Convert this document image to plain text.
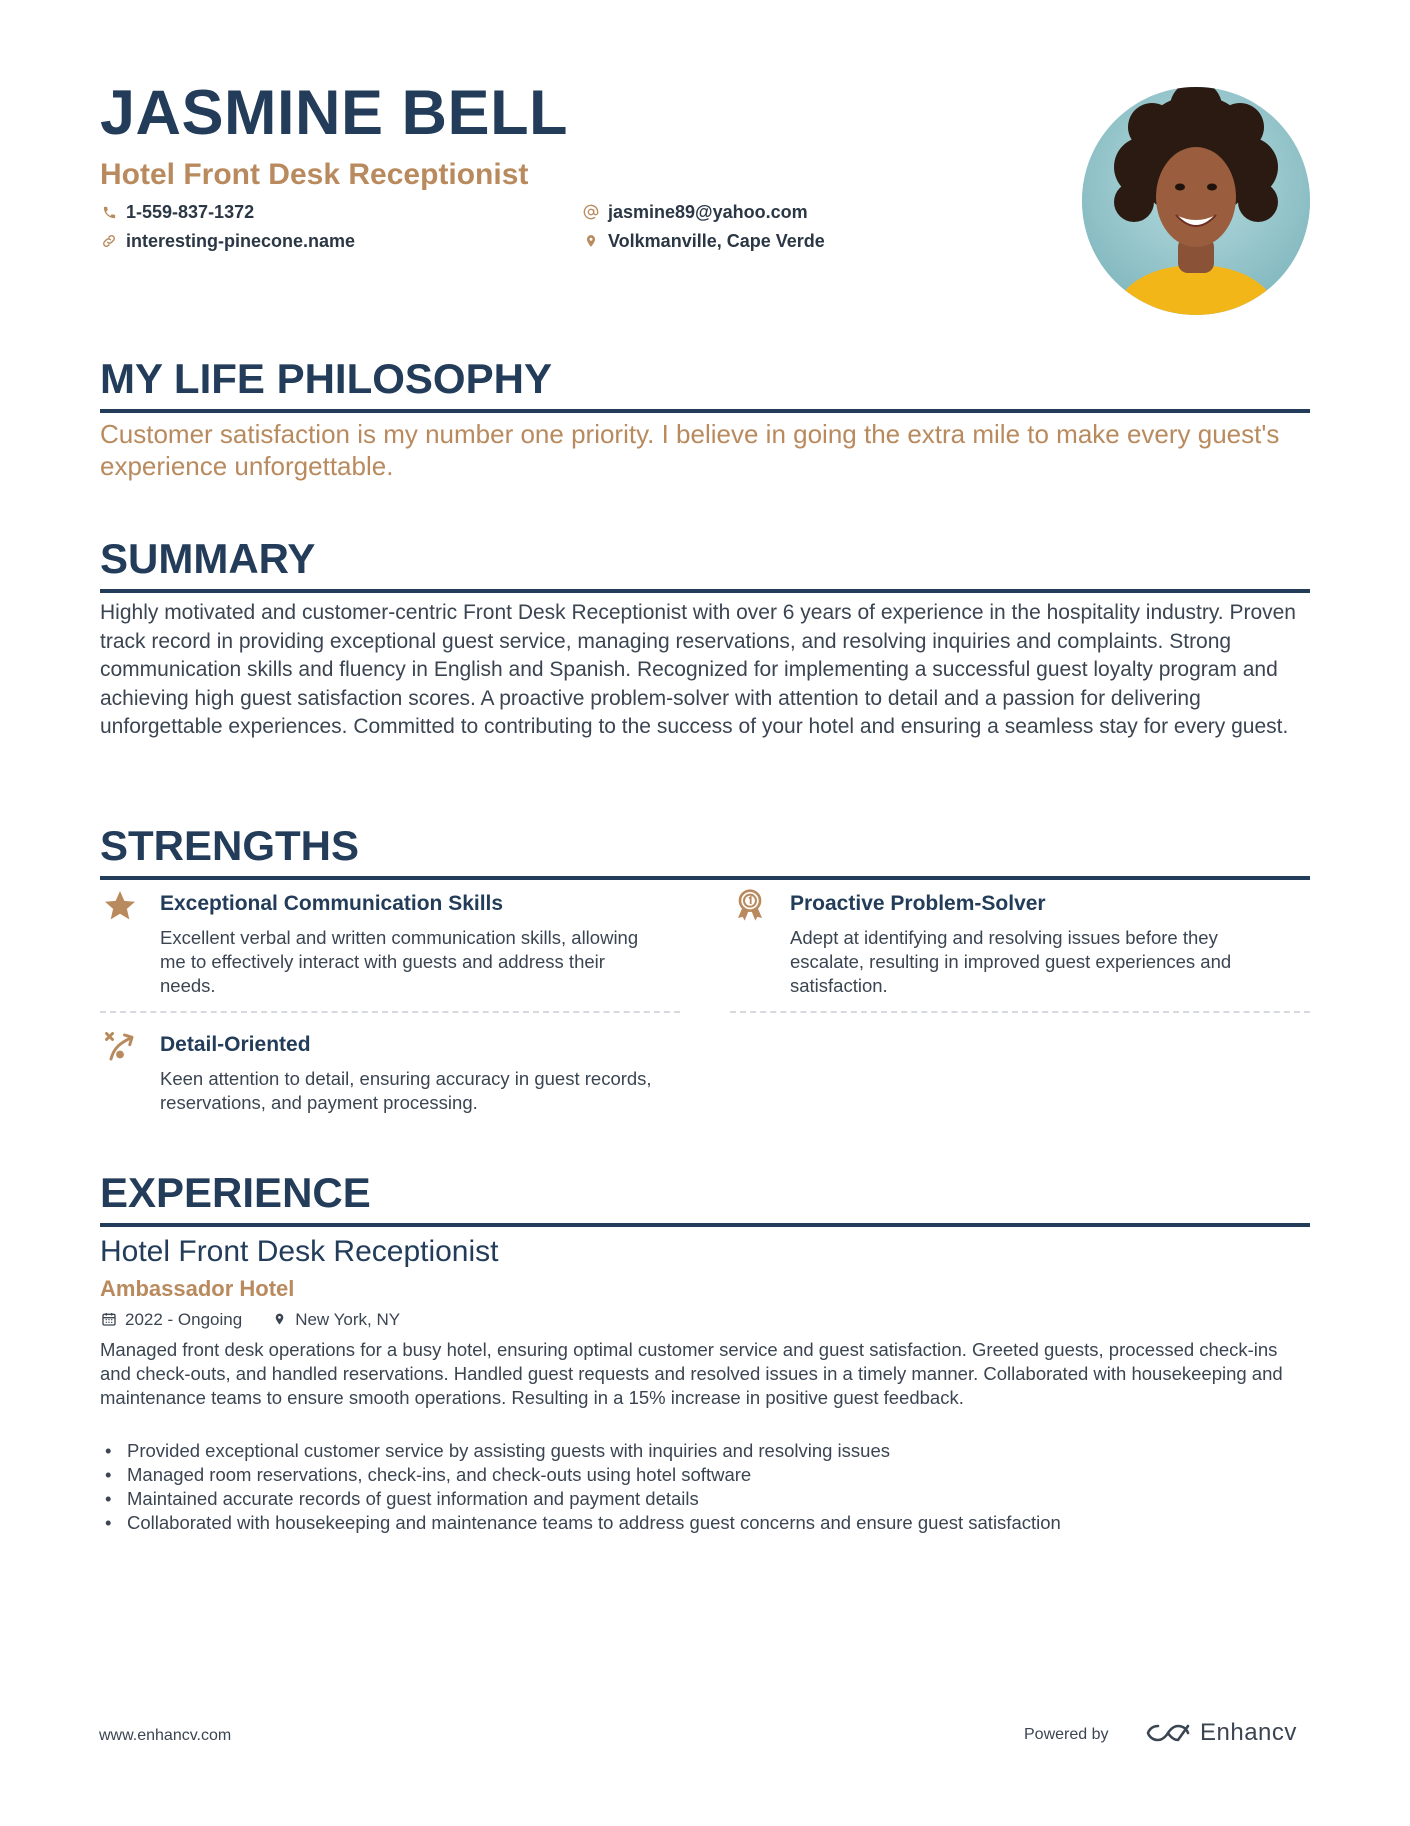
JASMINE BELL
Hotel Front Desk Receptionist
1-559-837-1372	jasmine89@yahoo.com
interesting-pinecone.name	Volkmanville, Cape Verde
MY LIFE PHILOSOPHY
Customer satisfaction is my number one priority. I believe in going the extra mile to make every guest's experience unforgettable.
SUMMARY
Highly motivated and customer-centric Front Desk Receptionist with over 6 years of experience in the hospitality industry. Proven track record in providing exceptional guest service, managing reservations, and resolving inquiries and complaints. Strong communication skills and fluency in English and Spanish. Recognized for implementing a successful guest loyalty program and achieving high guest satisfaction scores. A proactive problem-solver with attention to detail and a passion for delivering unforgettable experiences. Committed to contributing to the success of your hotel and ensuring a seamless stay for every guest.
STRENGTHS
Exceptional Communication Skills
Excellent verbal and written communication skills, allowing me to effectively interact with guests and address their needs.
Proactive Problem-Solver
Adept at identifying and resolving issues before they escalate, resulting in improved guest experiences and satisfaction.
Detail-Oriented
Keen attention to detail, ensuring accuracy in guest records, reservations, and payment processing.
EXPERIENCE
Hotel Front Desk Receptionist
Ambassador Hotel
2022 - Ongoing	New York, NY
Managed front desk operations for a busy hotel, ensuring optimal customer service and guest satisfaction. Greeted guests, processed check-ins and check-outs, and handled reservations. Handled guest requests and resolved issues in a timely manner. Collaborated with housekeeping and maintenance teams to ensure smooth operations. Resulting in a 15% increase in positive guest feedback.
• Provided exceptional customer service by assisting guests with inquiries and resolving issues
• Managed room reservations, check-ins, and check-outs using hotel software
• Maintained accurate records of guest information and payment details
• Collaborated with housekeeping and maintenance teams to address guest concerns and ensure guest satisfaction
www.enhancv.com	Powered by	Enhancv
